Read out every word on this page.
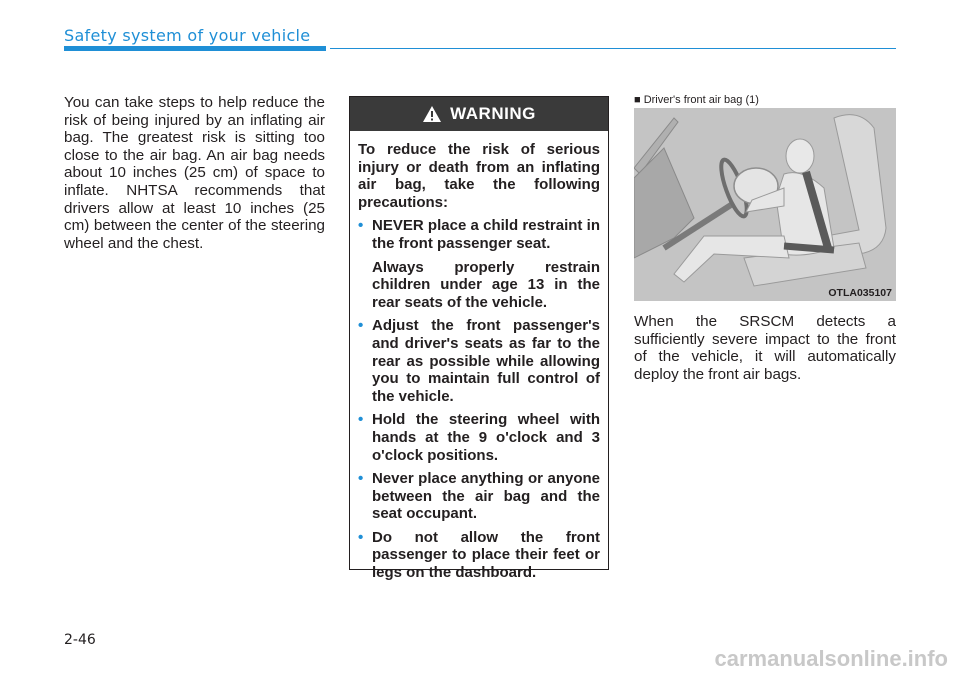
Safety system of your vehicle
You can take steps to help reduce the risk of being injured by an inflating air bag. The greatest risk is sitting too close to the air bag. An air bag needs about 10 inches (25 cm) of space to inflate. NHTSA recommends that drivers allow at least 10 inches (25 cm) between the center of the steering wheel and the chest.
WARNING

To reduce the risk of serious injury or death from an inflating air bag, take the following precautions:

• NEVER place a child restraint in the front passenger seat.
Always properly restrain children under age 13 in the rear seats of the vehicle.
• Adjust the front passenger's and driver's seats as far to the rear as possible while allowing you to maintain full control of the vehicle.
• Hold the steering wheel with hands at the 9 o'clock and 3 o'clock positions.
• Never place anything or anyone between the air bag and the seat occupant.
• Do not allow the front passenger to place their feet or legs on the dashboard.
■ Driver's front air bag (1)
OTLA035107
When the SRSCM detects a sufficiently severe impact to the front of the vehicle, it will automatically deploy the front air bags.
2-46
carmanualsonline.info
